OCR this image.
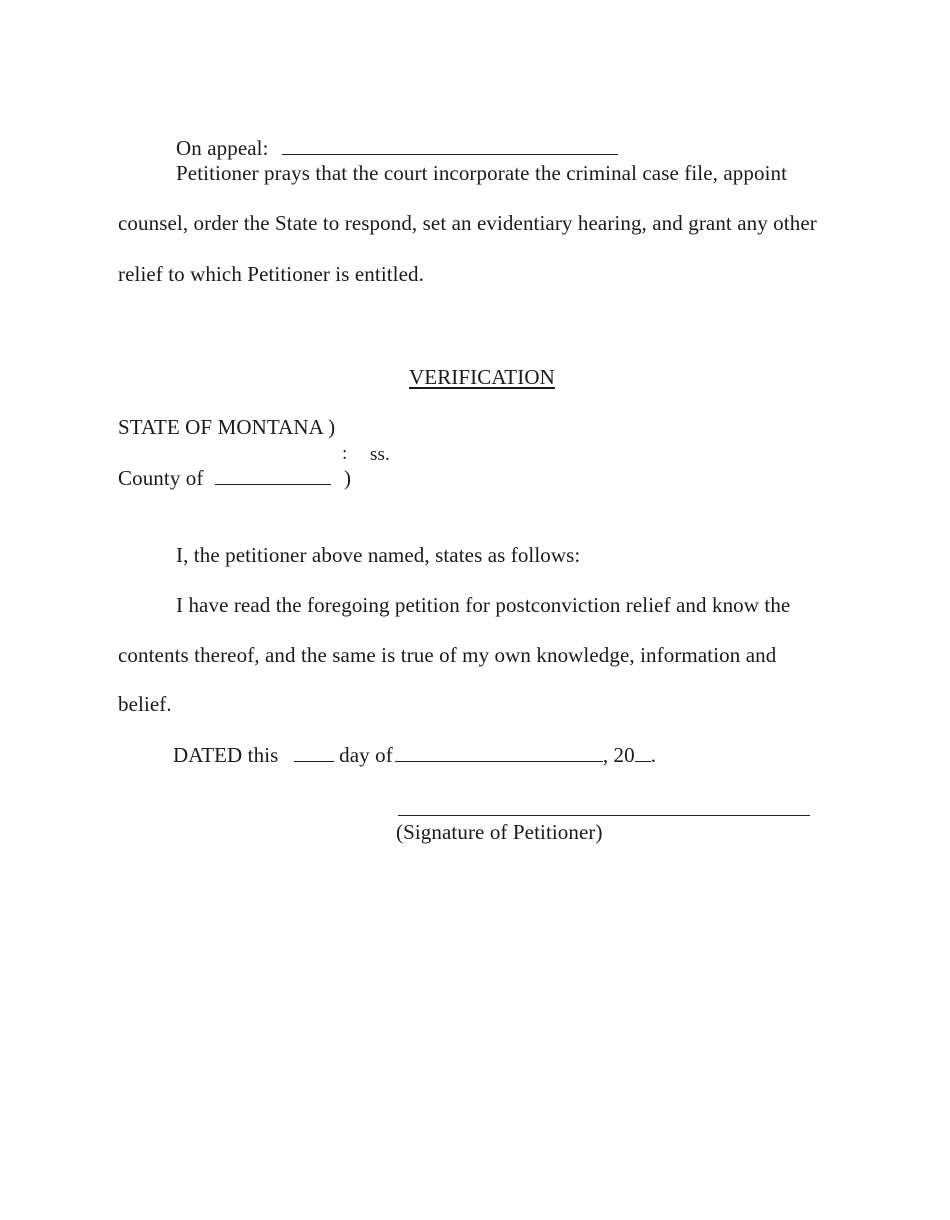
On appeal:
Petitioner prays that the court incorporate the criminal case file, appoint
counsel, order the State to respond, set an evidentiary hearing, and grant any other
relief to which Petitioner is entitled.
VERIFICATION
STATE OF MONTANA )
: ss.
County of	)
I, the petitioner above named, states as follows:
I have read the foregoing petition for postconviction relief and know the
contents thereof, and the same is true of my own knowledge, information and
belief.
DATED this	day of	, 20 .
(Signature of Petitioner)
